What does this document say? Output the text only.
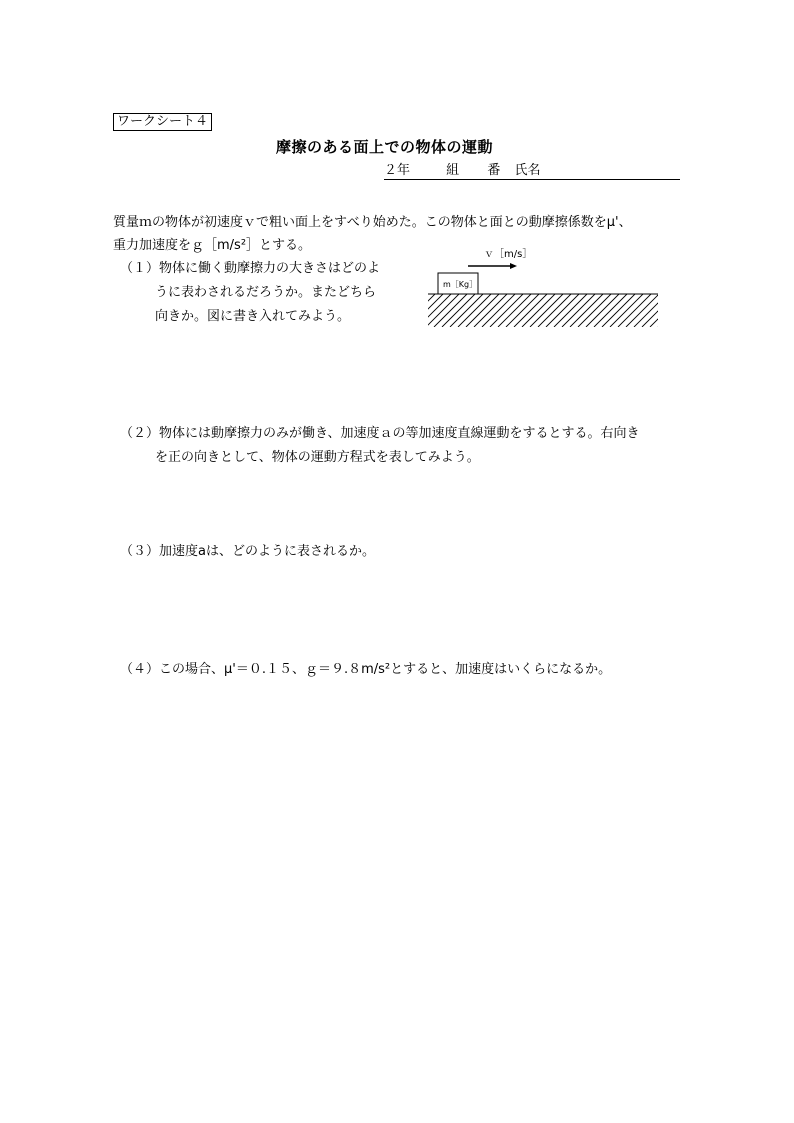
ワークシート４
摩擦のある面上での物体の運動
２年	組 番 氏名
質量ｍの物体が初速度ｖで粗い面上をすべり始めた。この物体と面との動摩擦係数をμ'、
重力加速度をｇ［m/s²］とする。
（１）物体に働く動摩擦力の大きさはどのよ
うに表わされるだろうか。またどちら
向きか。図に書き入れてみよう。
ｖ［m/s］
m［Kg］
（２）物体には動摩擦力のみが働き、加速度ａの等加速度直線運動をするとする。右向き
を正の向きとして、物体の運動方程式を表してみよう。
（３）加速度aは、どのように表されるか。
（４）この場合、μ'＝０.１５、ｇ＝９.８m/s²とすると、加速度はいくらになるか。
